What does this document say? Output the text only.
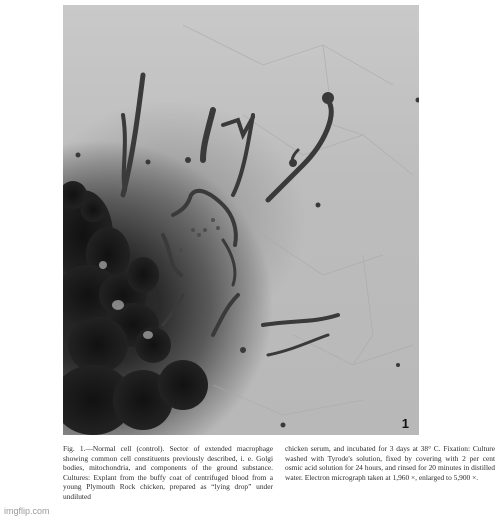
1
Fig. 1.—Normal cell (control). Sector of extended macrophage showing common cell constituents previously described, i. e. Golgi bodies, mitochondria, and components of the ground substance. Cultures: Explant from the buffy coat of centrifuged blood from a young Plymouth Rock chicken, prepared as “lying drop” under undiluted
chicken serum, and incubated for 3 days at 38° C. Fixation: Culture washed with Tyrode's solution, fixed by covering with 2 per cent osmic acid solution for 24 hours, and rinsed for 20 minutes in distilled water. Electron micrograph taken at 1,960 ×, enlarged to 5,900 ×.
imgflip.com
